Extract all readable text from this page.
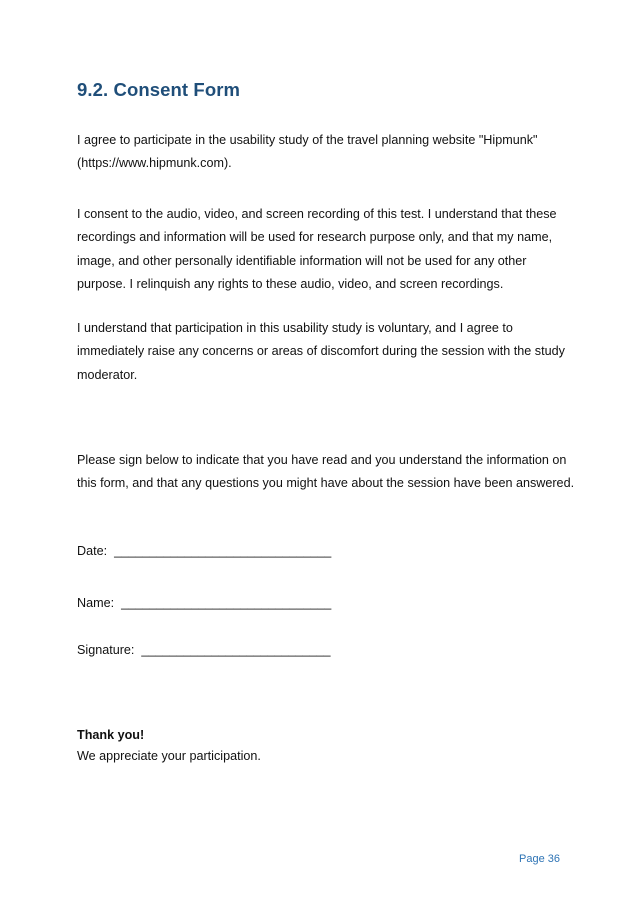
9.2. Consent Form

I agree to participate in the usability study of the travel planning website "Hipmunk" (https://www.hipmunk.com).

I consent to the audio, video, and screen recording of this test. I understand that these recordings and information will be used for research purpose only, and that my name, image, and other personally identifiable information will not be used for any other purpose. I relinquish any rights to these audio, video, and screen recordings.

I understand that participation in this usability study is voluntary, and I agree to immediately raise any concerns or areas of discomfort during the session with the study moderator.

Please sign below to indicate that you have read and you understand the information on this form, and that any questions you might have about the session have been answered.

Date:  _______________________________

Name:  ______________________________

Signature:  ___________________________

Thank you!

We appreciate your participation.

Page 36
